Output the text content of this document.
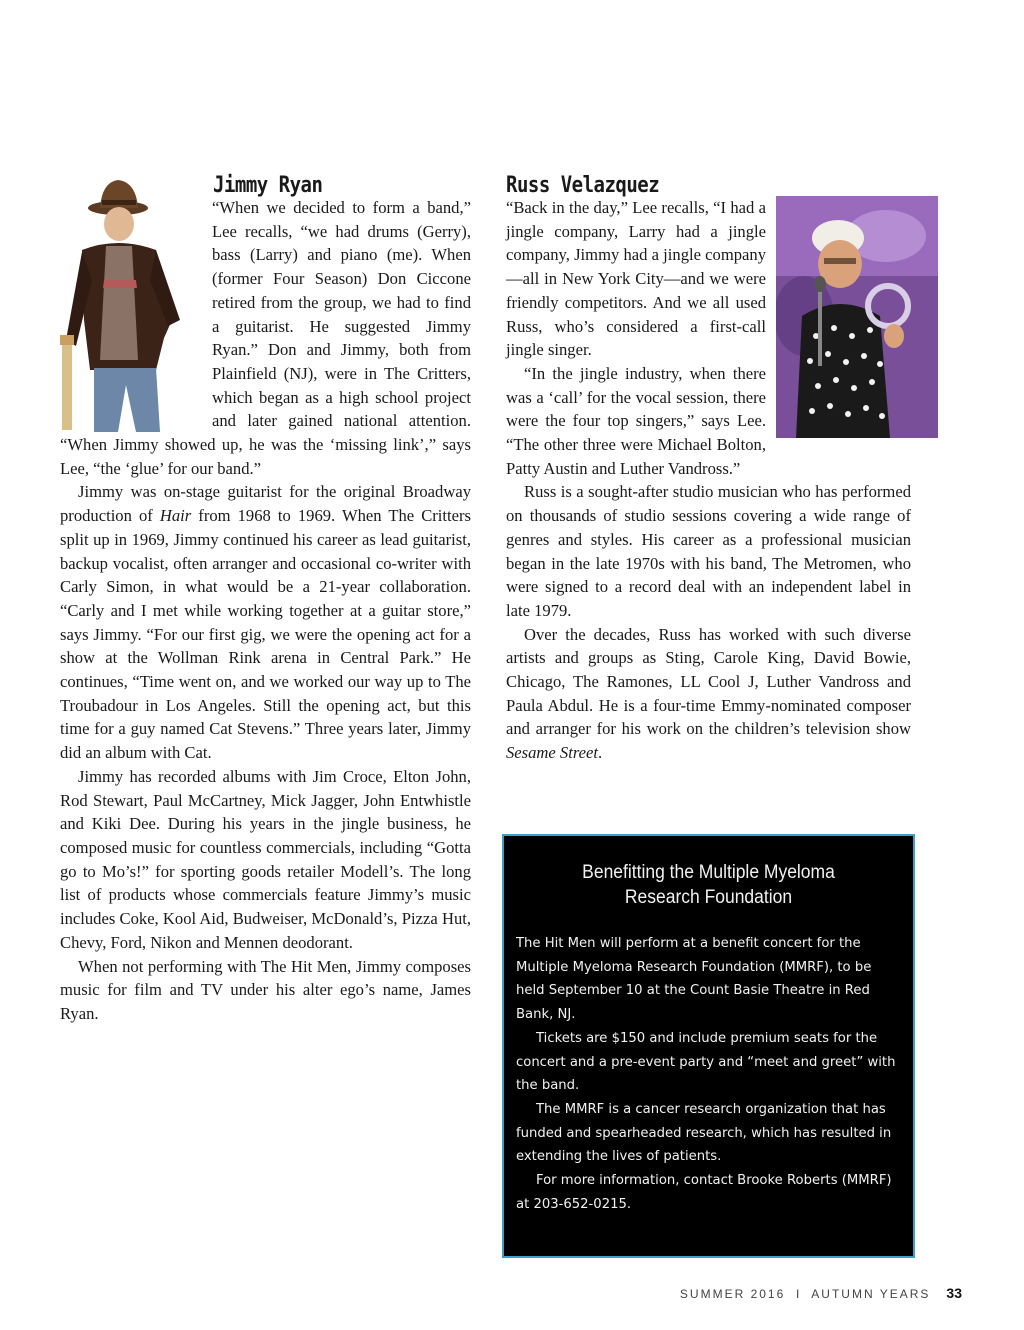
Jimmy Ryan

“When we decided to form a band,” Lee recalls, “we had drums (Gerry), bass (Larry) and piano (me). When (former Four Season) Don Ciccone retired from the group, we had to find a guitarist. He suggested Jimmy Ryan.” Don and Jimmy, both from Plainfield (NJ), were in The Critters, which began as a high school project and later gained national attention. “When Jimmy showed up, he was the ‘missing link’,” says Lee, “the ‘glue’ for our band.”

Jimmy was on-stage guitarist for the original Broadway production of Hair from 1968 to 1969. When The Critters split up in 1969, Jimmy continued his career as lead guitarist, backup vocalist, often arranger and occasional co-writer with Carly Simon, in what would be a 21-year collaboration. “Carly and I met while working together at a guitar store,” says Jimmy. “For our first gig, we were the opening act for a show at the Wollman Rink arena in Central Park.” He continues, “Time went on, and we worked our way up to The Troubadour in Los Angeles. Still the opening act, but this time for a guy named Cat Stevens.” Three years later, Jimmy did an album with Cat.

Jimmy has recorded albums with Jim Croce, Elton John, Rod Stewart, Paul McCartney, Mick Jagger, John Entwhistle and Kiki Dee. During his years in the jingle business, he composed music for countless commercials, including “Gotta go to Mo’s!” for sporting goods retailer Modell’s. The long list of products whose commercials feature Jimmy’s music includes Coke, Kool Aid, Budweiser, McDonald’s, Pizza Hut, Chevy, Ford, Nikon and Mennen deodorant.

When not performing with The Hit Men, Jimmy composes music for film and TV under his alter ego’s name, James Ryan.

Russ Velazquez

“Back in the day,” Lee recalls, “I had a jingle company, Larry had a jingle company, Jimmy had a jingle company—all in New York City—and we were friendly competitors. And we all used Russ, who’s considered a first-call jingle singer.

“In the jingle industry, when there was a ‘call’ for the vocal session, there were the four top singers,” says Lee. “The other three were Michael Bolton, Patty Austin and Luther Vandross.”

Russ is a sought-after studio musician who has performed on thousands of studio sessions covering a wide range of genres and styles. His career as a professional musician began in the late 1970s with his band, The Metromen, who were signed to a record deal with an independent label in late 1979.

Over the decades, Russ has worked with such diverse artists and groups as Sting, Carole King, David Bowie, Chicago, The Ramones, LL Cool J, Luther Vandross and Paula Abdul. He is a four-time Emmy-nominated composer and arranger for his work on the children’s television show Sesame Street.

Benefitting the Multiple Myeloma
Research Foundation

The Hit Men will perform at a benefit concert for the Multiple Myeloma Research Foundation (MMRF), to be held September 10 at the Count Basie Theatre in Red Bank, NJ.

Tickets are $150 and include premium seats for the concert and a pre-event party and “meet and greet” with the band.

The MMRF is a cancer research organization that has funded and spearheaded research, which has resulted in extending the lives of patients.

For more information, contact Brooke Roberts (MMRF) at 203-652-0215.

SUMMER 2016  I  AUTUMN YEARS 33
